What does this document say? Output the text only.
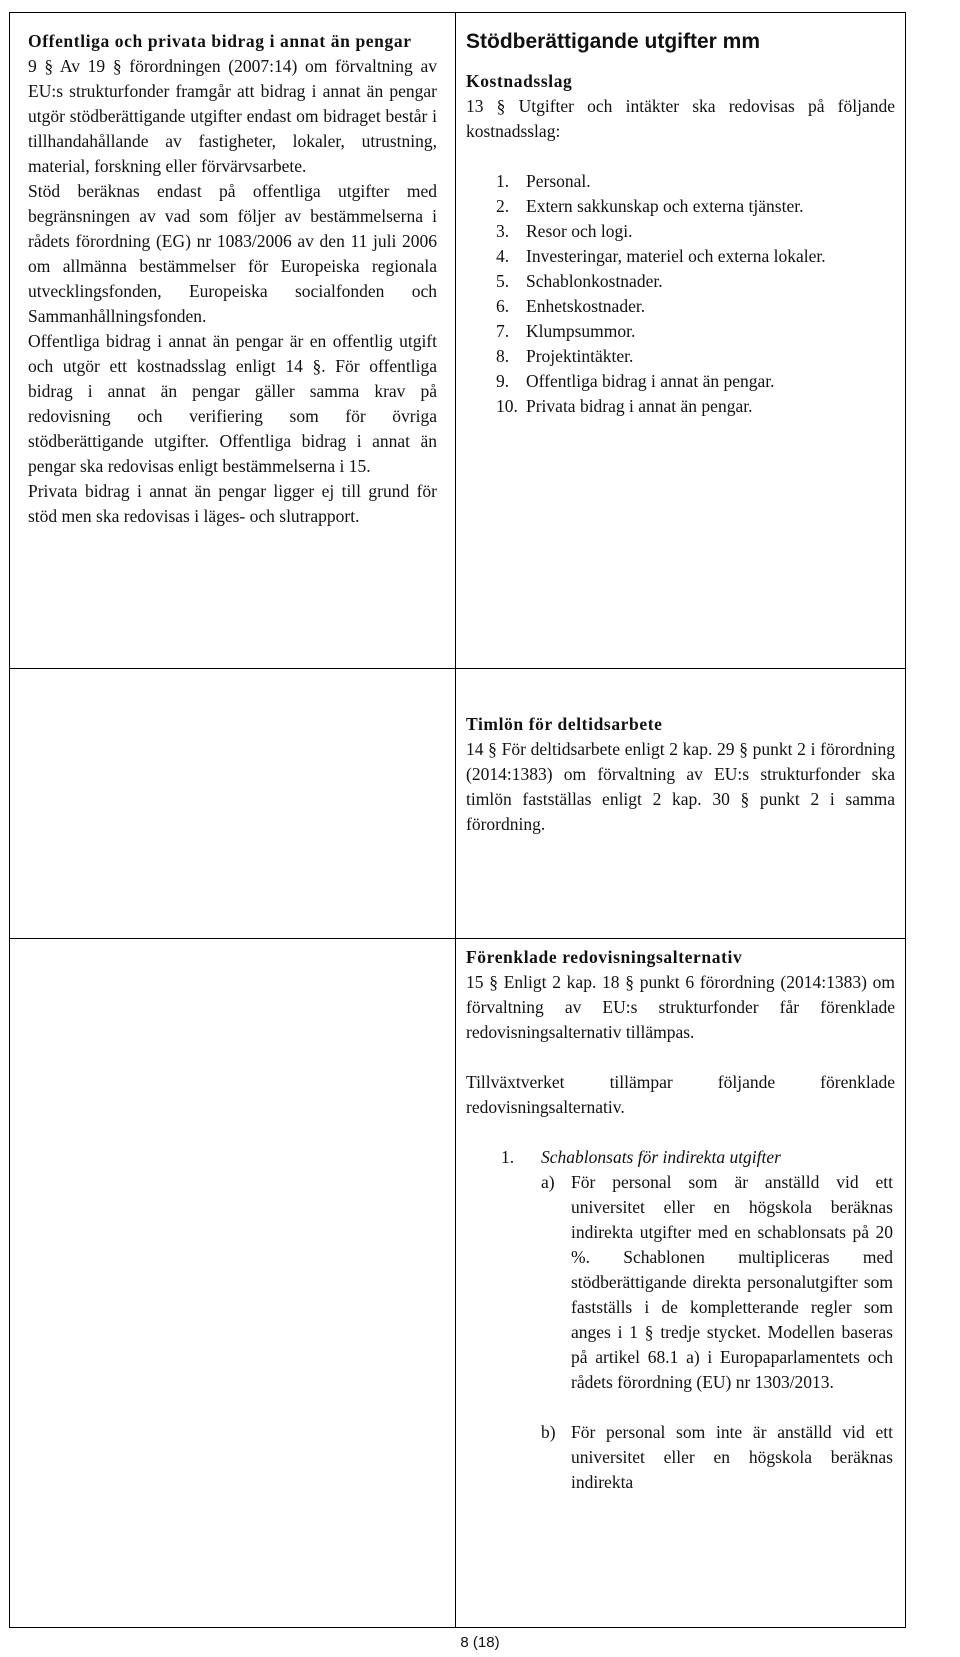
Offentliga och privata bidrag i annat än pengar

9 § Av 19 § förordningen (2007:14) om förvaltning av EU:s strukturfonder framgår att bidrag i annat än pengar utgör stödberättigande utgifter endast om bidraget består i tillhandahållande av fastigheter, lokaler, utrustning, material, forskning eller förvärvsarbete.

Stöd beräknas endast på offentliga utgifter med begränsningen av vad som följer av bestämmelserna i rådets förordning (EG) nr 1083/2006 av den 11 juli 2006 om allmänna bestämmelser för Europeiska regionala utvecklingsfonden, Europeiska socialfonden och Sammanhållningsfonden.

Offentliga bidrag i annat än pengar är en offentlig utgift och utgör ett kostnadsslag enligt 14 §. För offentliga bidrag i annat än pengar gäller samma krav på redovisning och verifiering som för övriga stödberättigande utgifter. Offentliga bidrag i annat än pengar ska redovisas enligt bestämmelserna i 15.

Privata bidrag i annat än pengar ligger ej till grund för stöd men ska redovisas i läges- och slutrapport.

Stödberättigande utgifter mm

Kostnadsslag

13 § Utgifter och intäkter ska redovisas på följande kostnadsslag:

1. Personal.
2. Extern sakkunskap och externa tjänster.
3. Resor och logi.
4. Investeringar, materiel och externa lokaler.
5. Schablonkostnader.
6. Enhetskostnader.
7. Klumpsummor.
8. Projektintäkter.
9. Offentliga bidrag i annat än pengar.
10. Privata bidrag i annat än pengar.

Timlön för deltidsarbete

14 § För deltidsarbete enligt 2 kap. 29 § punkt 2 i förordning (2014:1383) om förvaltning av EU:s strukturfonder ska timlön fastställas enligt 2 kap. 30 § punkt 2 i samma förordning.

Förenklade redovisningsalternativ

15 § Enligt 2 kap. 18 § punkt 6 förordning (2014:1383) om förvaltning av EU:s strukturfonder får förenklade redovisningsalternativ tillämpas.

Tillväxtverket tillämpar följande förenklade redovisningsalternativ.

1.	Schablonsats för indirekta utgifter
a) För personal som är anställd vid ett universitet eller en högskola beräknas indirekta utgifter med en schablonsats på 20 %. Schablonen multipliceras med stödberättigande direkta personalutgifter som fastställs i de kompletterande regler som anges i 1 § tredje stycket. Modellen baseras på artikel 68.1 a) i Europaparlamentets och rådets förordning (EU) nr 1303/2013.
b) För personal som inte är anställd vid ett universitet eller en högskola beräknas indirekta
8 (18)
